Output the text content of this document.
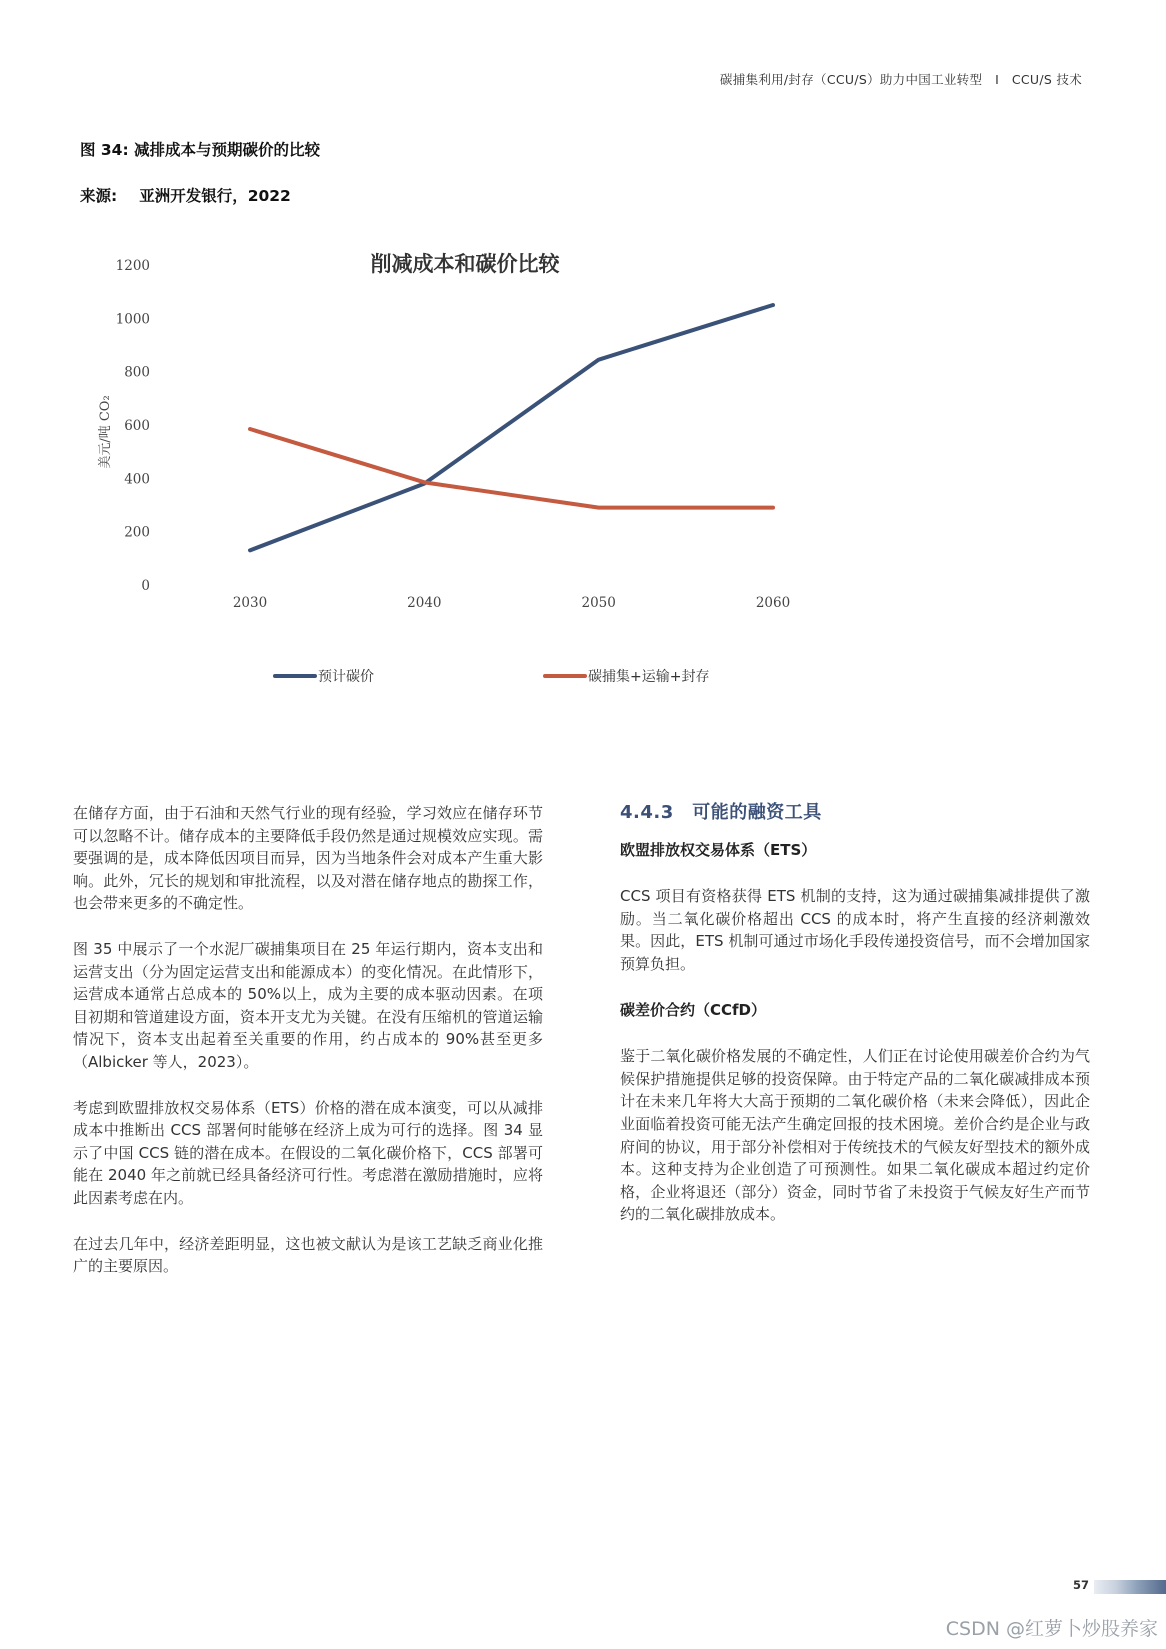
碳捕集利用/封存（CCU/S）助力中国工业转型　I　CCU/S 技术
图 34: 减排成本与预期碳价的比较
来源: 亚洲开发银行，2022
削减成本和碳价比较
美元/吨 CO₂
0
200
400
600
800
1000
1200
2030	2040	2050	2060
预计碳价	碳捕集+运输+封存

在储存方面，由于石油和天然气行业的现有经验，学习效应在储存环节可以忽略不计。储存成本的主要降低手段仍然是通过规模效应实现。需要强调的是，成本降低因项目而异，因为当地条件会对成本产生重大影响。此外，冗长的规划和审批流程，以及对潜在储存地点的勘探工作，也会带来更多的不确定性。

图 35 中展示了一个水泥厂碳捕集项目在 25 年运行期内，资本支出和运营支出（分为固定运营支出和能源成本）的变化情况。在此情形下，运营成本通常占总成本的 50%以上，成为主要的成本驱动因素。在项目初期和管道建设方面，资本开支尤为关键。在没有压缩机的管道运输情况下，资本支出起着至关重要的作用，约占成本的 90%甚至更多（Albicker 等人，2023）。

考虑到欧盟排放权交易体系（ETS）价格的潜在成本演变，可以从减排成本中推断出 CCS 部署何时能够在经济上成为可行的选择。图 34 显示了中国 CCS 链的潜在成本。在假设的二氧化碳价格下，CCS 部署可能在 2040 年之前就已经具备经济可行性。考虑潜在激励措施时，应将此因素考虑在内。

在过去几年中，经济差距明显，这也被文献认为是该工艺缺乏商业化推广的主要原因。

4.4.3　可能的融资工具
欧盟排放权交易体系（ETS）

CCS 项目有资格获得 ETS 机制的支持，这为通过碳捕集减排提供了激励。当二氧化碳价格超出 CCS 的成本时，将产生直接的经济刺激效果。因此，ETS 机制可通过市场化手段传递投资信号，而不会增加国家预算负担。

碳差价合约（CCfD）

鉴于二氧化碳价格发展的不确定性，人们正在讨论使用碳差价合约为气候保护措施提供足够的投资保障。由于特定产品的二氧化碳减排成本预计在未来几年将大大高于预期的二氧化碳价格（未来会降低），因此企业面临着投资可能无法产生确定回报的技术困境。差价合约是企业与政府间的协议，用于部分补偿相对于传统技术的气候友好型技术的额外成本。这种支持为企业创造了可预测性。如果二氧化碳成本超过约定价格，企业将退还（部分）资金，同时节省了未投资于气候友好生产而节约的二氧化碳排放成本。

57
CSDN @红萝卜炒股养家
